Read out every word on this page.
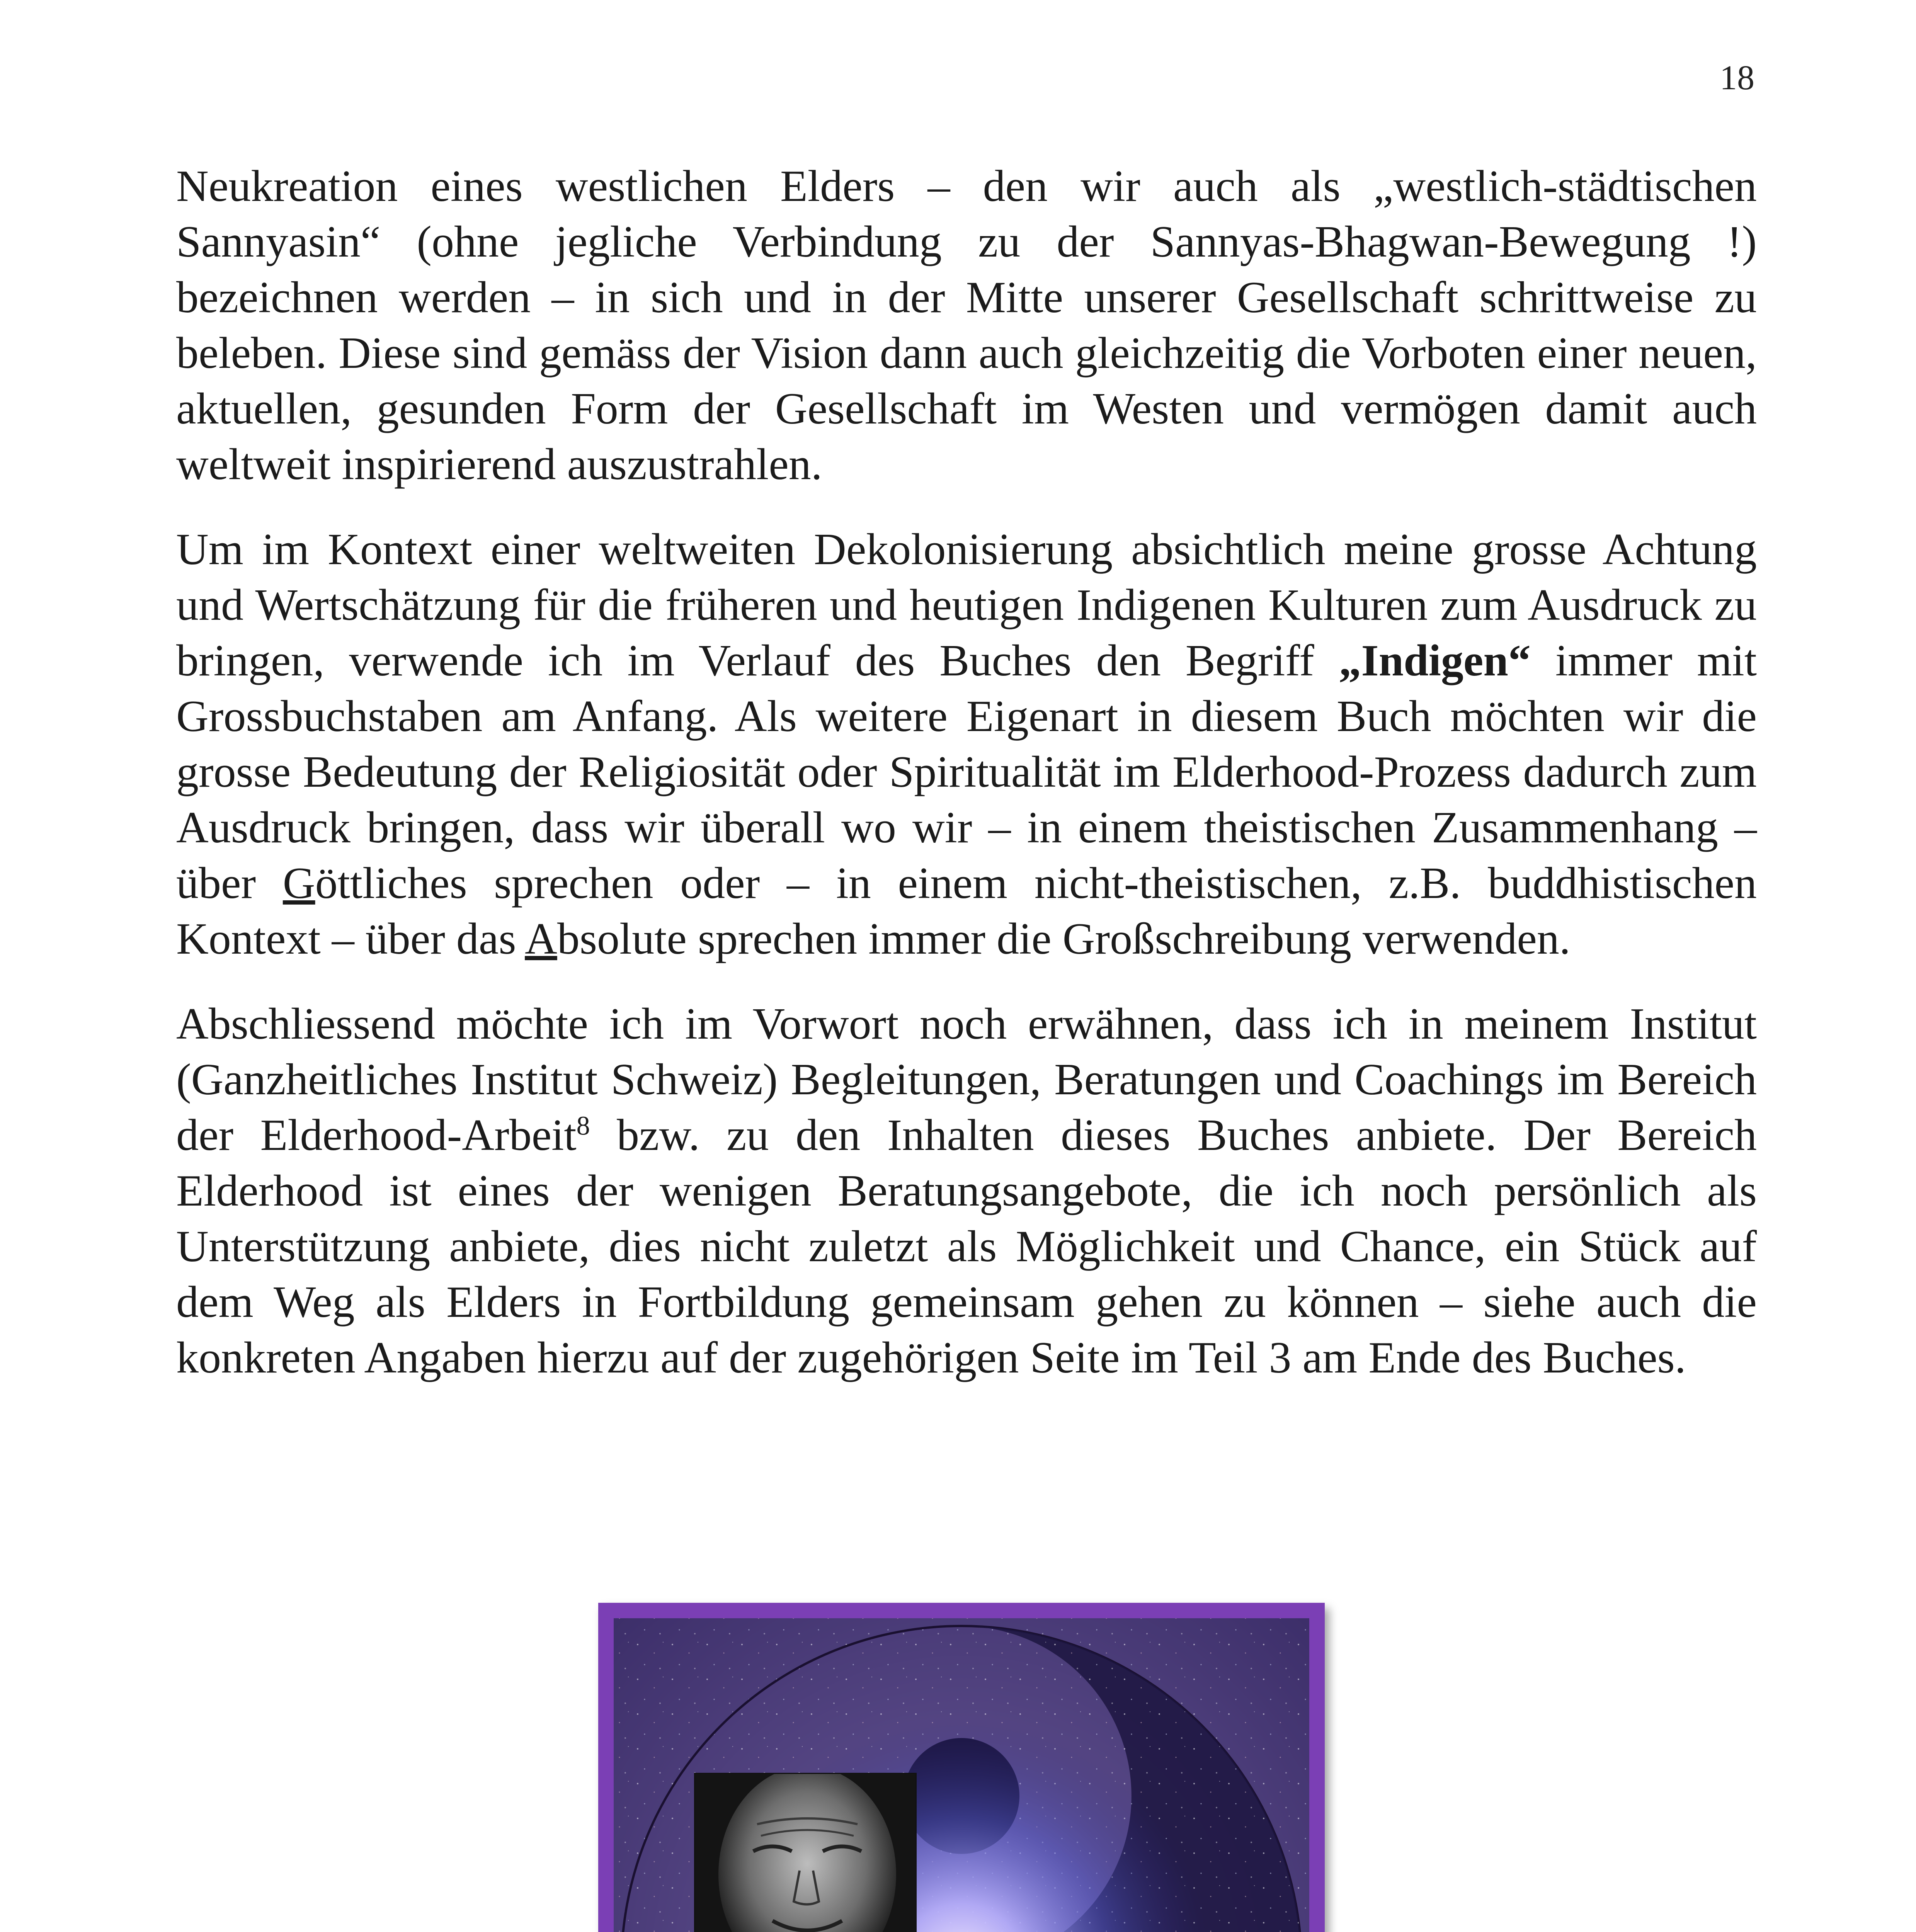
18

Neukreation eines westlichen Elders – den wir auch als „westlich-städtischen Sannyasin“ (ohne jegliche Verbindung zu der Sannyas-Bhagwan-Bewegung !) bezeichnen werden – in sich und in der Mitte unserer Gesellschaft schrittweise zu beleben. Diese sind gemäss der Vision dann auch gleichzeitig die Vorboten einer neuen, aktuellen, gesunden Form der Gesellschaft im Westen und vermögen damit auch weltweit inspirierend auszustrahlen.

Um im Kontext einer weltweiten Dekolonisierung absichtlich meine grosse Achtung und Wertschätzung für die früheren und heutigen Indigenen Kulturen zum Ausdruck zu bringen, verwende ich im Verlauf des Buches den Begriff „Indigen“ immer mit Grossbuchstaben am Anfang. Als weitere Eigenart in diesem Buch möchten wir die grosse Bedeutung der Religiosität oder Spiritualität im Elderhood-Prozess dadurch zum Ausdruck bringen, dass wir überall wo wir – in einem theistischen Zusammenhang – über Göttliches sprechen oder – in einem nicht-theistischen, z.B. buddhistischen Kontext – über das Absolute sprechen immer die Großschreibung verwenden.

Abschliessend möchte ich im Vorwort noch erwähnen, dass ich in meinem Institut (Ganzheitliches Institut Schweiz) Begleitungen, Beratungen und Coachings im Bereich der Elderhood-Arbeit$^8$ bzw. zu den Inhalten dieses Buches anbiete. Der Bereich Elderhood ist eines der wenigen Beratungsangebote, die ich noch persönlich als Unterstützung anbiete, dies nicht zuletzt als Möglichkeit und Chance, ein Stück auf dem Weg als Elders in Fortbildung gemeinsam gehen zu können – siehe auch die konkreten Angaben hierzu auf der zugehörigen Seite im Teil 3 am Ende des Buches.
